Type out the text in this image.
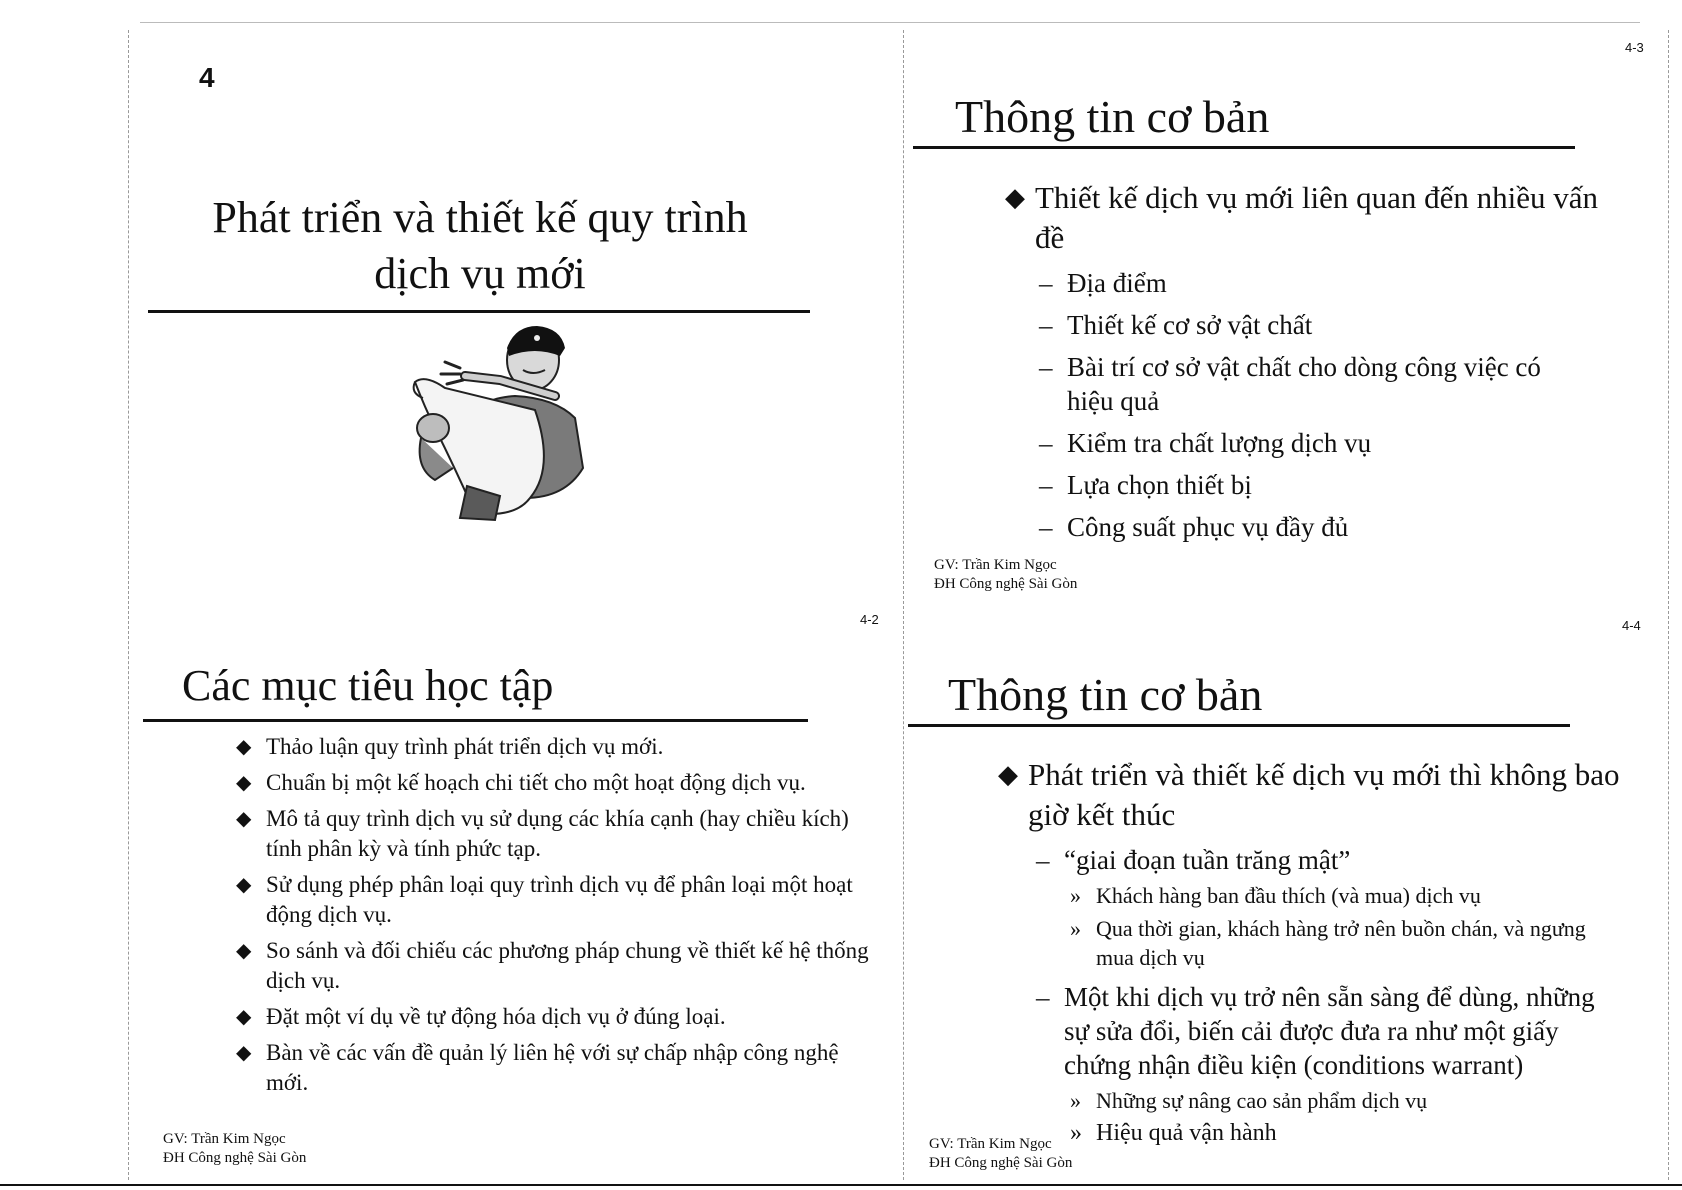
4
Phát triển và thiết kế quy trình
dịch vụ mới
4-2
Các mục tiêu học tập
◆ Thảo luận quy trình phát triển dịch vụ mới.
◆ Chuẩn bị một kế hoạch chi tiết cho một hoạt động dịch vụ.
◆ Mô tả quy trình dịch vụ sử dụng các khía cạnh (hay chiều kích) tính phân kỳ và tính phức tạp.
◆ Sử dụng phép phân loại quy trình dịch vụ để phân loại một hoạt động dịch vụ.
◆ So sánh và đối chiếu các phương pháp chung về thiết kế hệ thống dịch vụ.
◆ Đặt một ví dụ về tự động hóa dịch vụ ở đúng loại.
◆ Bàn về các vấn đề quản lý liên hệ với sự chấp nhập công nghệ mới.
GV: Trần Kim Ngọc
ĐH Công nghệ Sài Gòn
4-3
Thông tin cơ bản
◆ Thiết kế dịch vụ mới liên quan đến nhiều vấn đề
– Địa điểm
– Thiết kế cơ sở vật chất
– Bài trí cơ sở vật chất cho dòng công việc có hiệu quả
– Kiểm tra chất lượng dịch vụ
– Lựa chọn thiết bị
– Công suất phục vụ đầy đủ
GV: Trần Kim Ngọc
ĐH Công nghệ Sài Gòn
4-4
Thông tin cơ bản
◆ Phát triển và thiết kế dịch vụ mới thì không bao giờ kết thúc
– “giai đoạn tuần trăng mật”
» Khách hàng ban đầu thích (và mua) dịch vụ
» Qua thời gian, khách hàng trở nên buồn chán, và ngưng mua dịch vụ
– Một khi dịch vụ trở nên sẵn sàng để dùng, những sự sửa đổi, biến cải được đưa ra như một giấy chứng nhận điều kiện (conditions warrant)
» Những sự nâng cao sản phẩm dịch vụ
» Hiệu quả vận hành
GV: Trần Kim Ngọc
ĐH Công nghệ Sài Gòn
